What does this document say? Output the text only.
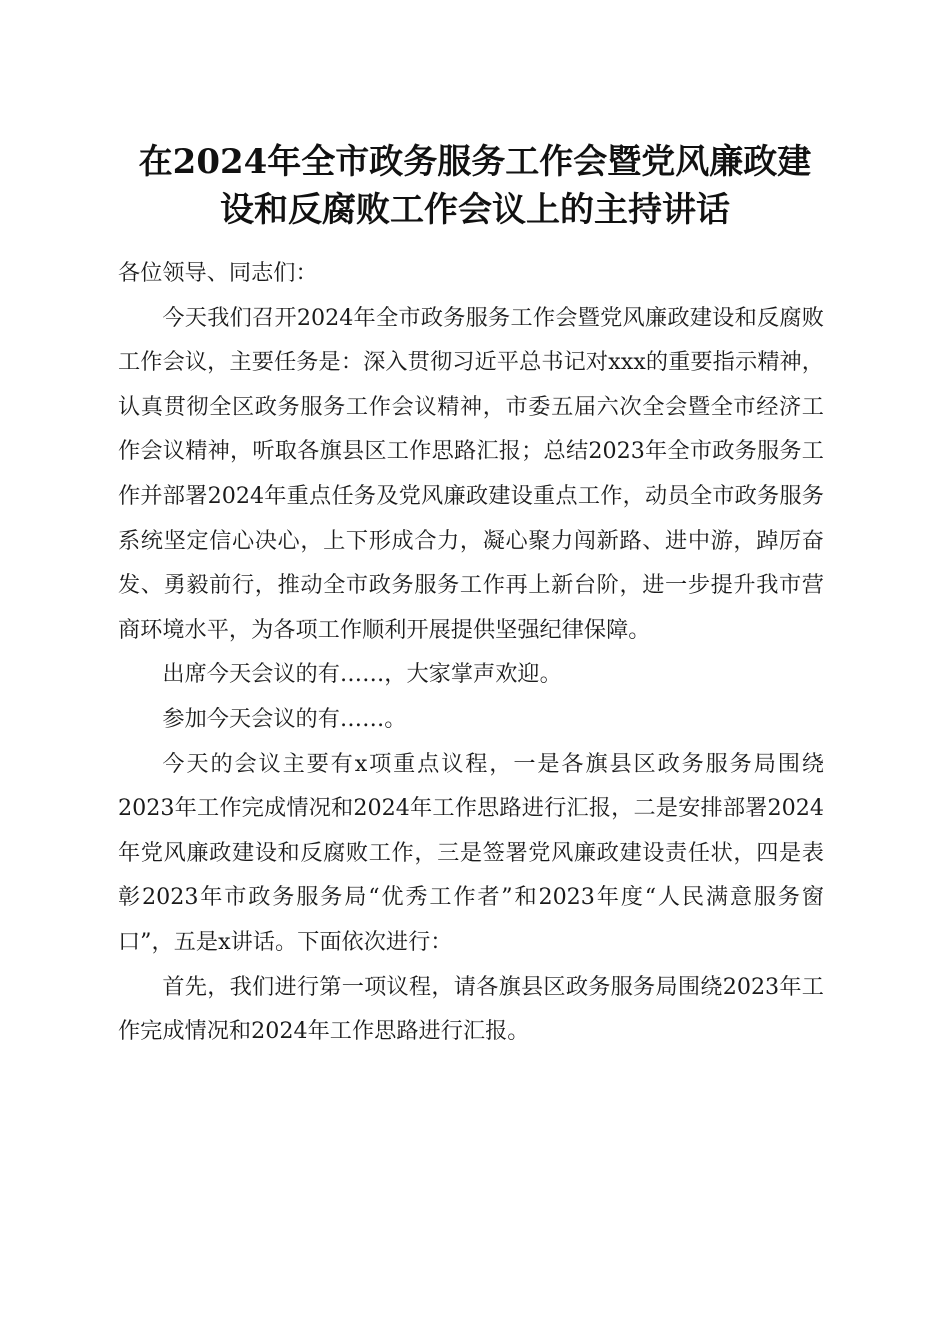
在2024年全市政务服务工作会暨党风廉政建
设和反腐败工作会议上的主持讲话

各位领导、同志们：

今天我们召开2024年全市政务服务工作会暨党风廉政建设和反腐败工作会议，主要任务是：深入贯彻习近平总书记对xxx的重要指示精神，认真贯彻全区政务服务工作会议精神，市委五届六次全会暨全市经济工作会议精神，听取各旗县区工作思路汇报；总结2023年全市政务服务工作并部署2024年重点任务及党风廉政建设重点工作，动员全市政务服务系统坚定信心决心，上下形成合力，凝心聚力闯新路、进中游，踔厉奋发、勇毅前行，推动全市政务服务工作再上新台阶，进一步提升我市营商环境水平，为各项工作顺利开展提供坚强纪律保障。

出席今天会议的有……，大家掌声欢迎。

参加今天会议的有……。

今天的会议主要有x项重点议程，一是各旗县区政务服务局围绕2023年工作完成情况和2024年工作思路进行汇报，二是安排部署2024年党风廉政建设和反腐败工作，三是签署党风廉政建设责任状，四是表彰2023年市政务服务局“优秀工作者”和2023年度“人民满意服务窗口”，五是x讲话。下面依次进行：

首先，我们进行第一项议程，请各旗县区政务服务局围绕2023年工作完成情况和2024年工作思路进行汇报。
